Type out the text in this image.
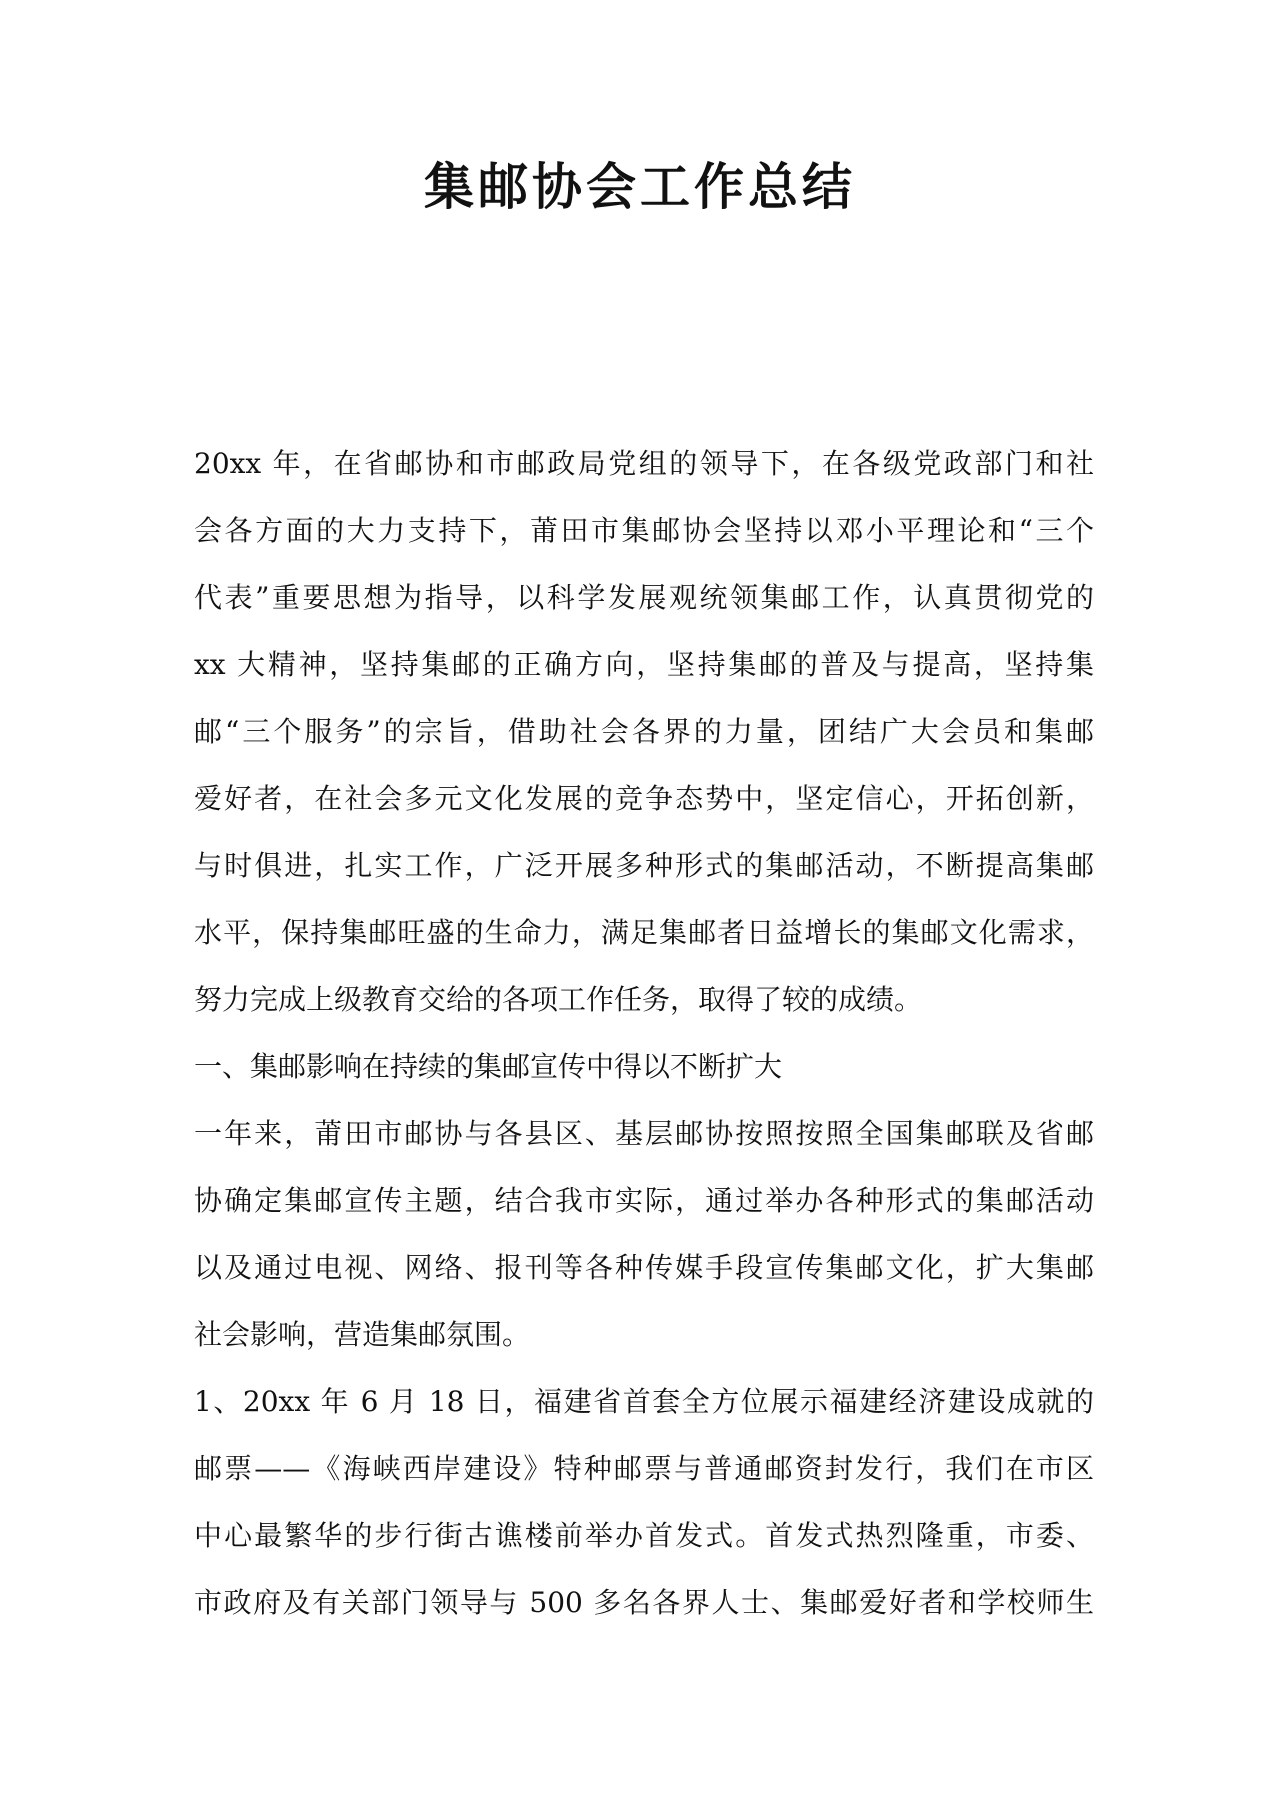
集邮协会工作总结
20xx 年，在省邮协和市邮政局党组的领导下，在各级党政部门和社
会各方面的大力支持下，莆田市集邮协会坚持以邓小平理论和“三个
代表”重要思想为指导，以科学发展观统领集邮工作，认真贯彻党的
xx 大精神，坚持集邮的正确方向，坚持集邮的普及与提高，坚持集
邮“三个服务”的宗旨，借助社会各界的力量，团结广大会员和集邮
爱好者，在社会多元文化发展的竞争态势中，坚定信心，开拓创新，
与时俱进，扎实工作，广泛开展多种形式的集邮活动，不断提高集邮
水平，保持集邮旺盛的生命力，满足集邮者日益增长的集邮文化需求，
努力完成上级教育交给的各项工作任务，取得了较的成绩。
一、集邮影响在持续的集邮宣传中得以不断扩大
一年来，莆田市邮协与各县区、基层邮协按照按照全国集邮联及省邮
协确定集邮宣传主题，结合我市实际，通过举办各种形式的集邮活动
以及通过电视、网络、报刊等各种传媒手段宣传集邮文化，扩大集邮
社会影响，营造集邮氛围。
1、20xx 年 6 月 18 日，福建省首套全方位展示福建经济建设成就的
邮票——《海峡西岸建设》特种邮票与普通邮资封发行，我们在市区
中心最繁华的步行街古谯楼前举办首发式。首发式热烈隆重，市委、
市政府及有关部门领导与 500 多名各界人士、集邮爱好者和学校师生
